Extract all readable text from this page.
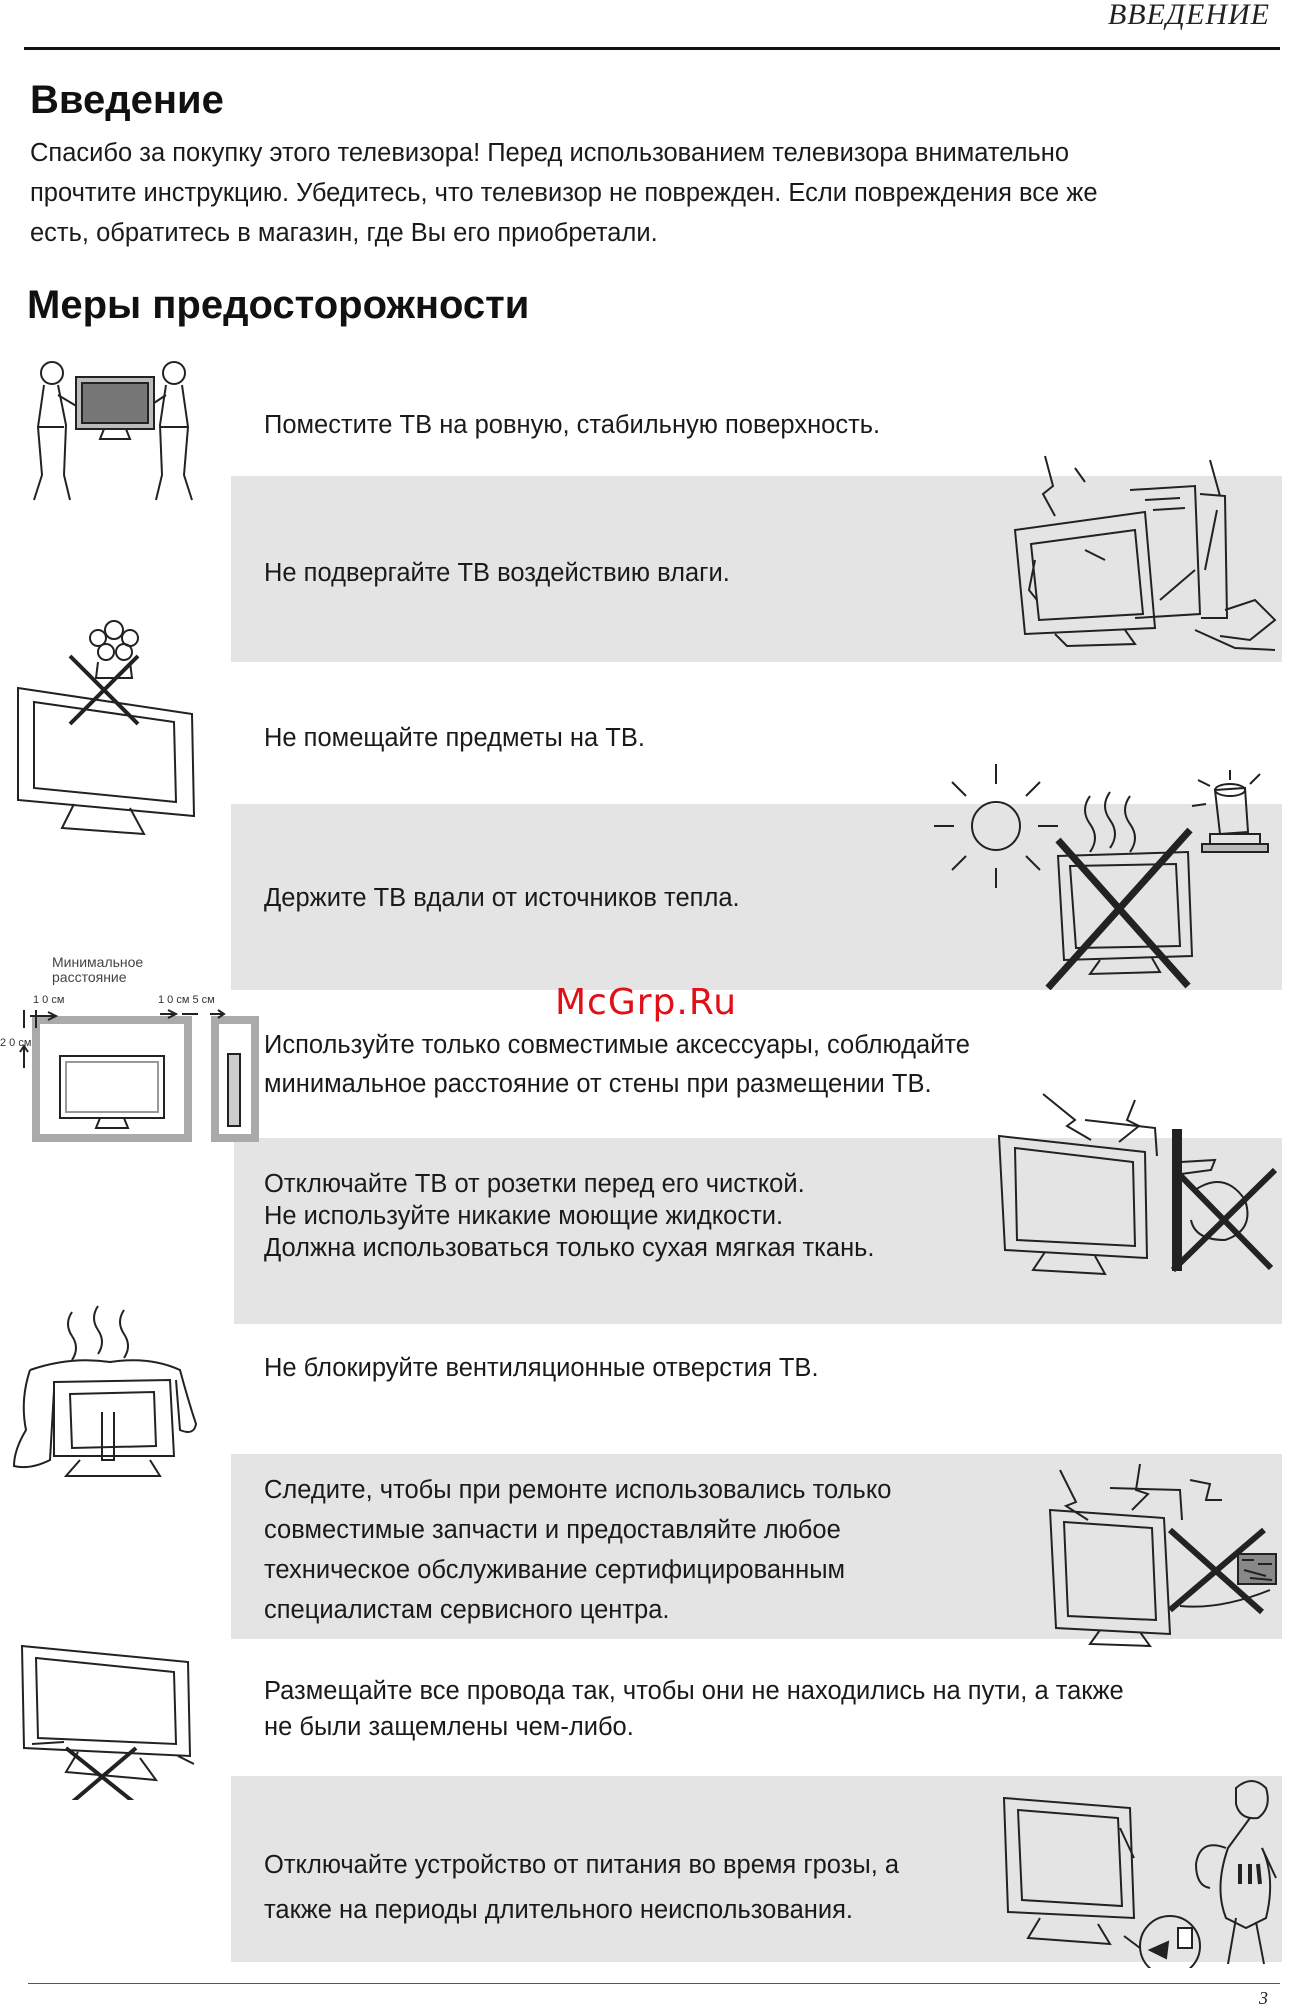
ВВЕДЕНИЕ
Введение
Спасибо за покупку этого телевизора! Перед использованием телевизора внимательно
прочтите инструкцию. Убедитесь, что телевизор не поврежден. Если повреждения все же
есть, обратитесь в магазин, где Вы его приобретали.
Меры предосторожности
Поместите ТВ на ровную, стабильную поверхность.
Не подвергайте ТВ воздействию влаги.
Не помещайте предметы на ТВ.
Держите ТВ вдали от источников тепла.
Используйте только совместимые аксессуары, соблюдайте
минимальное расстояние от стены при размещении ТВ.
Отключайте ТВ от розетки перед его чисткой.
Не используйте никакие моющие жидкости.
Должна использоваться только сухая мягкая ткань.
Не блокируйте вентиляционные отверстия ТВ.
Следите, чтобы при ремонте использовались только
совместимые запчасти и предоставляйте любое
техническое обслуживание сертифицированным
специалистам сервисного центра.
Размещайте все провода так, чтобы они не находились на пути, а также
не были защемлены чем-либо.
Отключайте устройство от питания во время грозы, а
также на периоды длительного неиспользования.
Минимальное
расстояние
1 0 см	1 0 см 5 см
2 0 см
McGrp.Ru
3
